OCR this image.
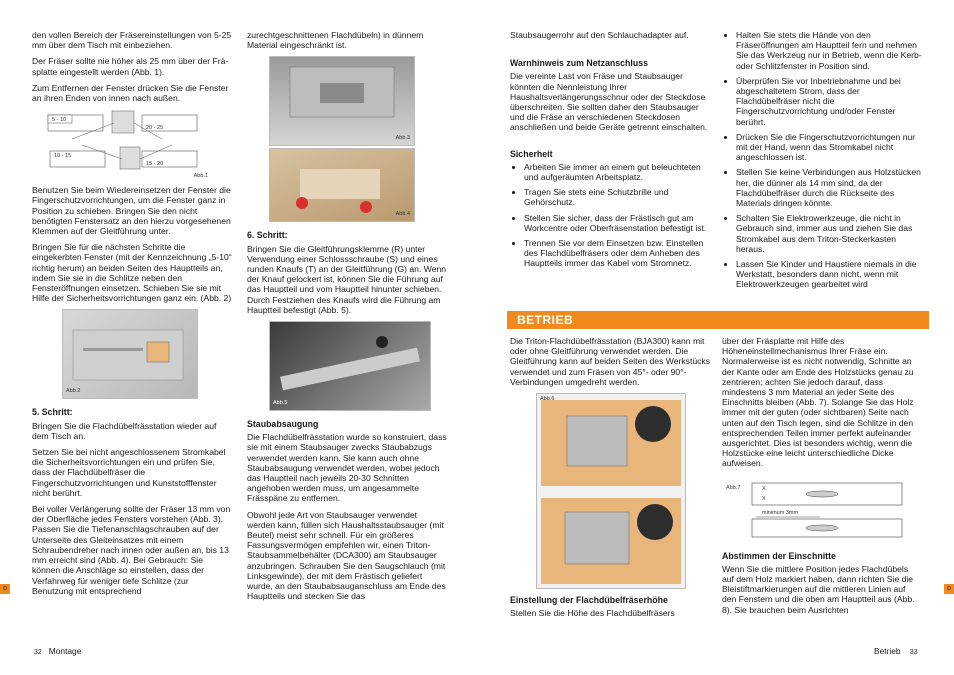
den vollen Bereich der Fräsereinstellungen von 5-25 mm über dem Tisch mit einbeziehen.

Der Fräser sollte nie höher als 25 mm über der Fräsplatte eingestellt werden (Abb. 1).

Zum Entfernen der Fenster drücken Sie die Fenster an ihren Enden von innen nach außen.

5 - 10
20 - 25
10 - 15
15 - 20
Abb.1

Benutzen Sie beim Wiedereinsetzen der Fenster die Fingerschutzvorrichtungen, um die Fenster ganz in Position zu schieben. Bringen Sie den nicht benötigten Fenstersatz an den hierzu vorgesehenen Klemmen auf der Gleitführung unter.

Bringen Sie für die nächsten Schritte die eingekerbten Fenster (mit der Kennzeichnung „5-10“ richtig herum) an beiden Seiten des Hauptteils an, indem Sie sie in die Schlitze neben den Fensteröffnungen einsetzen. Schieben Sie sie mit Hilfe der Sicherheitsvorrichtungen ganz ein. (Abb. 2)

Abb.2
5. Schritt:

Bringen Sie die Flachdübelfrässtation wieder auf dem Tisch an.

Setzen Sie bei nicht angeschlossenem Stromkabel die Sicherheitsvorrichtungen ein und prüfen Sie, dass der Flachdübelfräser die Fingerschutzvorrichtungen und Kunststofffenster nicht berührt.

Bei voller Verlängerung sollte der Fräser 13 mm von der Oberfläche jedes Fensters vorstehen (Abb. 3). Passen Sie die Tiefenanschlagschrauben auf der Unterseite des Gleiteinsatzes mit einem Schraubendreher nach innen oder außen an, bis 13 mm erreicht sind (Abb. 4). Bei Gebrauch: Sie können die Anschläge so einstellen, dass der Verfahrweg für weniger tiefe Schlitze (zur Benutzung mit entsprechend

zurechtgeschnittenen Flachdübeln) in dünnem Material eingeschränkt ist.

Abb.3
Abb.4
6. Schritt:

Bringen Sie die Gleitführungsklemme (R) unter Verwendung einer Schlossschraube (S) und eines runden Knaufs (T) an der Gleitführung (G) an. Wenn der Knauf gelockert ist, können Sie die Führung auf das Hauptteil und vom Hauptteil hinunter schieben. Durch Festziehen des Knaufs wird die Führung am Hauptteil befestigt (Abb. 5).

Abb.5
Staubabsaugung

Die Flachdübelfrässtation wurde so konstruiert, dass sie mit einem Staubsauger zwecks Staubabzugs verwendet werden kann. Sie kann auch ohne Staubabsaugung verwendet werden, wobei jedoch das Hauptteil nach jeweils 20-30 Schnitten angehoben werden muss, um angesammelte Frässpäne zu entfernen.

Obwohl jede Art von Staubsauger verwendet werden kann, füllen sich Haushaltsstaubsauger (mit Beutel) meist sehr schnell. Für ein größeres Fassungsvermögen empfehlen wir, einen Triton-Staubsammelbehälter (DCA300) am Staubsauger anzubringen. Schrauben Sie den Saugschlauch (mit Linksgewinde), der mit dem Frästisch geliefert wurde, an den Staubabsauganschluss am Ende des Hauptteils und stecken Sie das

Staubsaugerrohr auf den Schlauchadapter auf.

Warnhinweis zum Netzanschluss

Die vereinte Last von Fräse und Staubsauger könnten die Nennleistung Ihrer Haushaltsverlängerungsschnur oder der Steckdose überschreiten. Sie sollten daher den Staubsauger und die Fräse an verschiedenen Steckdosen anschließen und beide Geräte getrennt einschalten.

Sicherheit
• Arbeiten Sie immer an einem gut beleuchteten und aufgeräumten Arbeitsplatz.
• Tragen Sie stets eine Schutzbrille und Gehörschutz.
• Stellen Sie sicher, dass der Frästisch gut am Workcentre oder Oberfräsenstation befestigt ist.
• Trennen Sie vor dem Einsetzen bzw. Einstellen des Flachdübelfräsers oder dem Anheben des Hauptteils immer das Kabel vom Stromnetz.
• Halten Sie stets die Hände von den Fräseröffnungen am Hauptteil fern und nehmen Sie das Werkzeug nur in Betrieb, wenn die Kerb- oder Schlitzfenster in Position sind.
• Überprüfen Sie vor Inbetriebnahme und bei abgeschaltetem Strom, dass der Flachdübelfräser nicht die Fingerschutzvorrichtung und/oder Fenster berührt.
• Drücken Sie die Fingerschutzvorrichtungen nur mit der Hand, wenn das Stromkabel nicht angeschlossen ist.
• Stellen Sie keine Verbindungen aus Holzstücken her, die dünner als 14 mm sind, da der Flachdübelfräser durch die Rückseite des Materials dringen könnte.
• Schalten Sie Elektrowerkzeuge, die nicht in Gebrauch sind, immer aus und ziehen Sie das Stromkabel aus dem Triton-Steckerkasten heraus.
• Lassen Sie Kinder und Haustiere niemals in die Werkstatt, besonders dann nicht, wenn mit Elektrowerkzeugen gearbeitet wird
BETRIEB

Die Triton-Flachdübelfrässtation (BJA300) kann mit oder ohne Gleitführung verwendet werden. Die Gleitführung kann auf beiden Seiten des Werkstücks verwendet und zum Fräsen von 45°- oder 90°-Verbindungen umgedreht werden.

Abb.6
Einstellung der Flachdübelfräserhöhe

Stellen Sie die Höhe des Flachdübelfräsers

über der Fräsplatte mit Hilfe des Höheneinstellmechanismus Ihrer Fräse ein. Normalerweise ist es nicht notwendig, Schnitte an der Kante oder am Ende des Holzstücks genau zu zentrieren; achten Sie jedoch darauf, dass mindestens 3 mm Material an jeder Seite des Einschnitts bleiben (Abb. 7). Solange Sie das Holz immer mit der guten (oder sichtbaren) Seite nach unten auf den Tisch legen, sind die Schlitze in den entsprechenden Teilen immer perfekt aufeinander ausgerichtet. Dies ist besonders wichtig, wenn die Holzstücke eine leicht unterschiedliche Dicke aufweisen.

Abb.7	X
X
minimum 3mm
Abstimmen der Einschnitte

Wenn Sie die mittlere Position jedes Flachdübels auf dem Holz markiert haben, dann richten Sie die Bleistiftmarkierungen auf die mittleren Linien auf den Fenstern und die oben am Hauptteil aus (Abb. 8). Sie brauchen beim Ausrichten

D	D
32 Montage	Betrieb 33
